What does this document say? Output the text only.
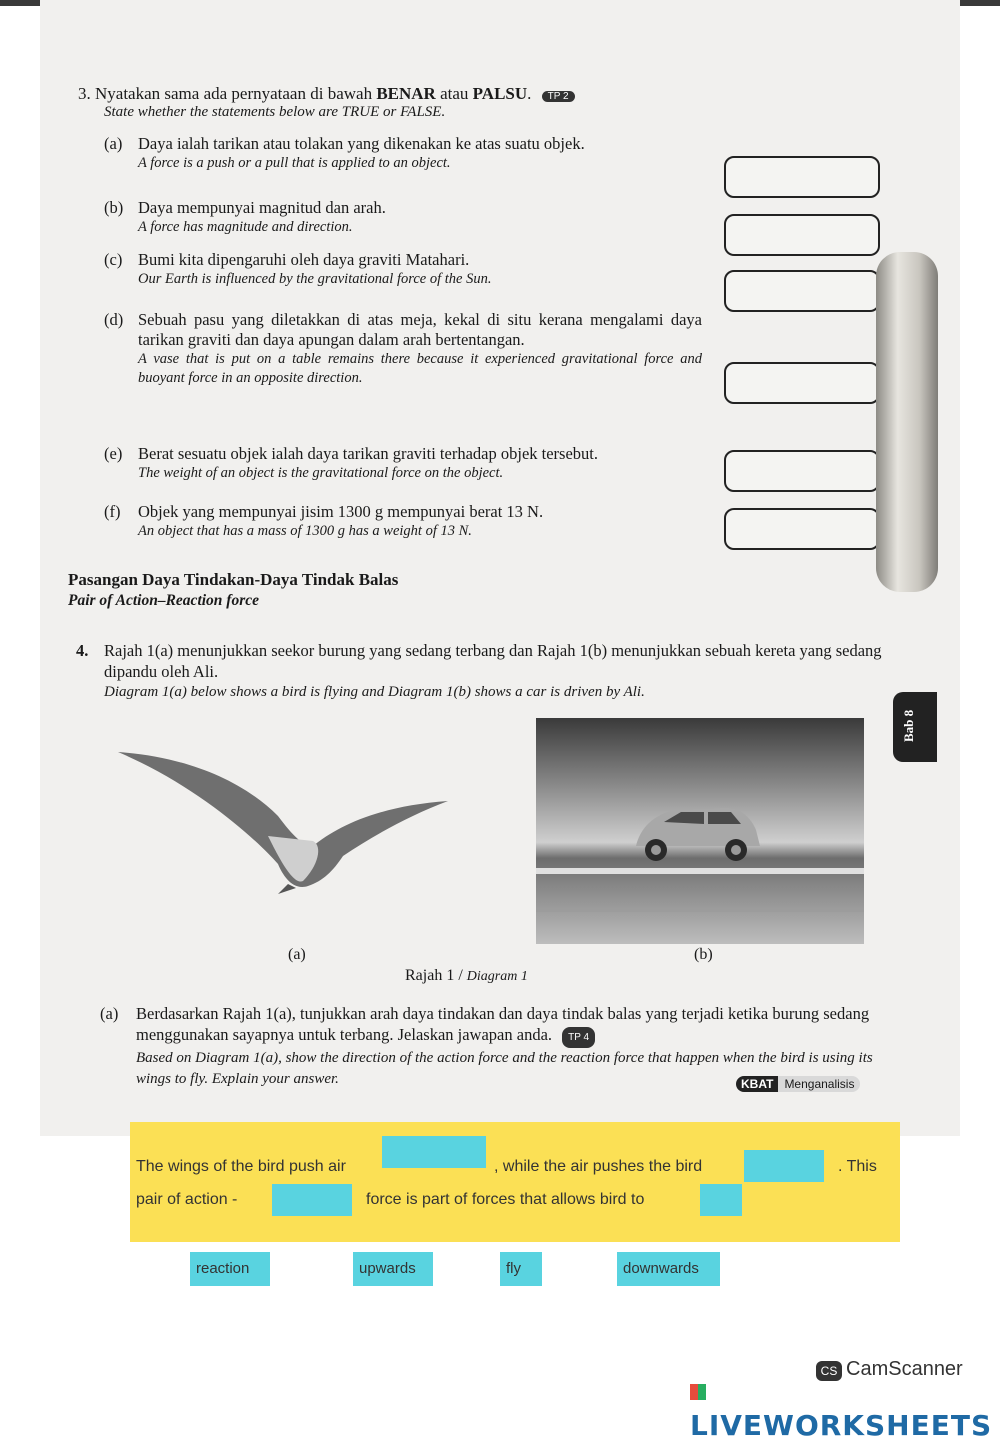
3. Nyatakan sama ada pernyataan di bawah BENAR atau PALSU. TP 2
State whether the statements below are TRUE or FALSE.
(a) Daya ialah tarikan atau tolakan yang dikenakan ke atas suatu objek.
A force is a push or a pull that is applied to an object.
(b) Daya mempunyai magnitud dan arah.
A force has magnitude and direction.
(c) Bumi kita dipengaruhi oleh daya graviti Matahari.
Our Earth is influenced by the gravitational force of the Sun.
(d) Sebuah pasu yang diletakkan di atas meja, kekal di situ kerana mengalami daya tarikan graviti dan daya apungan dalam arah bertentangan.
A vase that is put on a table remains there because it experienced gravitational force and buoyant force in an opposite direction.
(e) Berat sesuatu objek ialah daya tarikan graviti terhadap objek tersebut.
The weight of an object is the gravitational force on the object.
(f) Objek yang mempunyai jisim 1300 g mempunyai berat 13 N.
An object that has a mass of 1300 g has a weight of 13 N.
Bab 8
Pasangan Daya Tindakan-Daya Tindak Balas
Pair of Action–Reaction force
4. Rajah 1(a) menunjukkan seekor burung yang sedang terbang dan Rajah 1(b) menunjukkan sebuah kereta yang sedang dipandu oleh Ali.
Diagram 1(a) below shows a bird is flying and Diagram 1(b) shows a car is driven by Ali.
(a)	(b)
Rajah 1 / Diagram 1
(a) Berdasarkan Rajah 1(a), tunjukkan arah daya tindakan dan daya tindak balas yang terjadi ketika burung sedang menggunakan sayapnya untuk terbang. Jelaskan jawapan anda. TP 4
Based on Diagram 1(a), show the direction of the action force and the reaction force that happen when the bird is using its wings to fly. Explain your answer.	KBAT Menganalisis
The wings of the bird push air	, while the air pushes the bird	. This
pair of action -	force is part of forces that allows bird to
reaction	upwards	fly	downwards
CS CamScanner
LIVEWORKSHEETS
